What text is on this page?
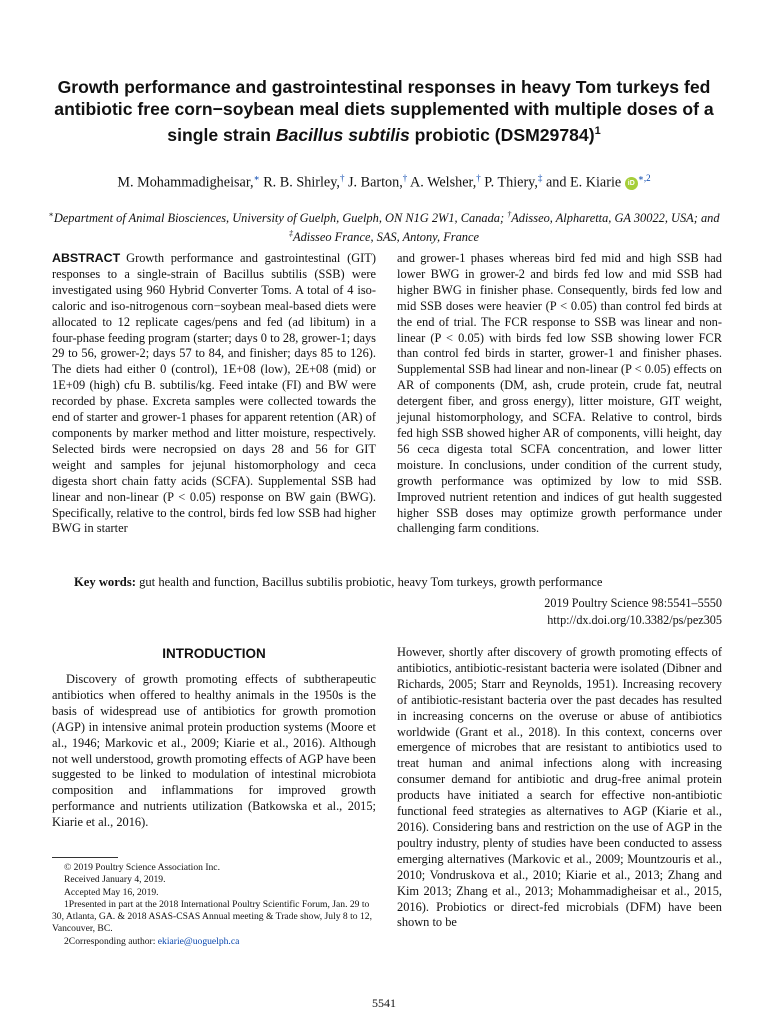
Growth performance and gastrointestinal responses in heavy Tom turkeys fed antibiotic free corn−soybean meal diets supplemented with multiple doses of a single strain Bacillus subtilis probiotic $(DSM29784)^1$
M. Mohammadigheisar,∗ R. B. Shirley,† J. Barton,† A. Welsher,† P. Thiery,‡ and E. Kiarie $iD^{∗,2}$
∗Department of Animal Biosciences, University of Guelph, Guelph, ON N1G 2W1, Canada; †Adisseo, Alpharetta, GA 30022, USA; and ‡Adisseo France, SAS, Antony, France
ABSTRACT Growth performance and gastrointestinal (GIT) responses to a single-strain of Bacillus subtilis (SSB) were investigated using 960 Hybrid Converter Toms. A total of 4 iso-caloric and iso-nitrogenous corn−soybean meal-based diets were allocated to 12 replicate cages/pens and fed (ad libitum) in a four-phase feeding program (starter; days 0 to 28, grower-1; days 29 to 56, grower-2; days 57 to 84, and finisher; days 85 to 126). The diets had either 0 (control), 1E+08 (low), 2E+08 (mid) or 1E+09 (high) cfu B. subtilis/kg. Feed intake (FI) and BW were recorded by phase. Excreta samples were collected towards the end of starter and grower-1 phases for apparent retention (AR) of components by marker method and litter moisture, respectively. Selected birds were necropsied on days 28 and 56 for GIT weight and samples for jejunal histomorphology and ceca digesta short chain fatty acids (SCFA). Supplemental SSB had linear and non-linear (P < 0.05) response on BW gain (BWG). Specifically, relative to the control, birds fed low SSB had higher BWG in starter
and grower-1 phases whereas bird fed mid and high SSB had lower BWG in grower-2 and birds fed low and mid SSB had higher BWG in finisher phase. Consequently, birds fed low and mid SSB doses were heavier (P < 0.05) than control fed birds at the end of trial. The FCR response to SSB was linear and non-linear (P < 0.05) with birds fed low SSB showing lower FCR than control fed birds in starter, grower-1 and finisher phases. Supplemental SSB had linear and non-linear (P < 0.05) effects on AR of components (DM, ash, crude protein, crude fat, neutral detergent fiber, and gross energy), litter moisture, GIT weight, jejunal histomorphology, and SCFA. Relative to control, birds fed high SSB showed higher AR of components, villi height, day 56 ceca digesta total SCFA concentration, and lower litter moisture. In conclusions, under condition of the current study, growth performance was optimized by low to mid SSB. Improved nutrient retention and indices of gut health suggested higher SSB doses may optimize growth performance under challenging farm conditions.
Key words: gut health and function, Bacillus subtilis probiotic, heavy Tom turkeys, growth performance
2019 Poultry Science 98:5541–5550
http://dx.doi.org/10.3382/ps/pez305
INTRODUCTION
Discovery of growth promoting effects of subtherapeutic antibiotics when offered to healthy animals in the 1950s is the basis of widespread use of antibiotics for growth promotion (AGP) in intensive animal protein production systems (Moore et al., 1946; Markovic et al., 2009; Kiarie et al., 2016). Although not well understood, growth promoting effects of AGP have been suggested to be linked to modulation of intestinal microbiota composition and inflammations for improved growth performance and nutrients utilization (Batkowska et al., 2015; Kiarie et al., 2016).
However, shortly after discovery of growth promoting effects of antibiotics, antibiotic-resistant bacteria were isolated (Dibner and Richards, 2005; Starr and Reynolds, 1951). Increasing recovery of antibiotic-resistant bacteria over the past decades has resulted in increasing concerns on the overuse or abuse of antibiotics worldwide (Grant et al., 2018). In this context, concerns over emergence of microbes that are resistant to antibiotics used to treat human and animal infections along with increasing consumer demand for antibiotic and drug-free animal protein products have initiated a search for effective non-antibiotic functional feed strategies as alternatives to AGP (Kiarie et al., 2016). Considering bans and restriction on the use of AGP in the poultry industry, plenty of studies have been conducted to assess emerging alternatives (Markovic et al., 2009; Mountzouris et al., 2010; Vondruskova et al., 2010; Kiarie et al., 2013; Zhang and Kim 2013; Zhang et al., 2013; Mohammadigheisar et al., 2015, 2016). Probiotics or direct-fed microbials (DFM) have been shown to be
© 2019 Poultry Science Association Inc.
Received January 4, 2019.
Accepted May 16, 2019.
1Presented in part at the 2018 International Poultry Scientific Forum, Jan. 29 to 30, Atlanta, GA. & 2018 ASAS-CSAS Annual meeting & Trade show, July 8 to 12, Vancouver, BC.
2Corresponding author: ekiarie@uoguelph.ca
5541
